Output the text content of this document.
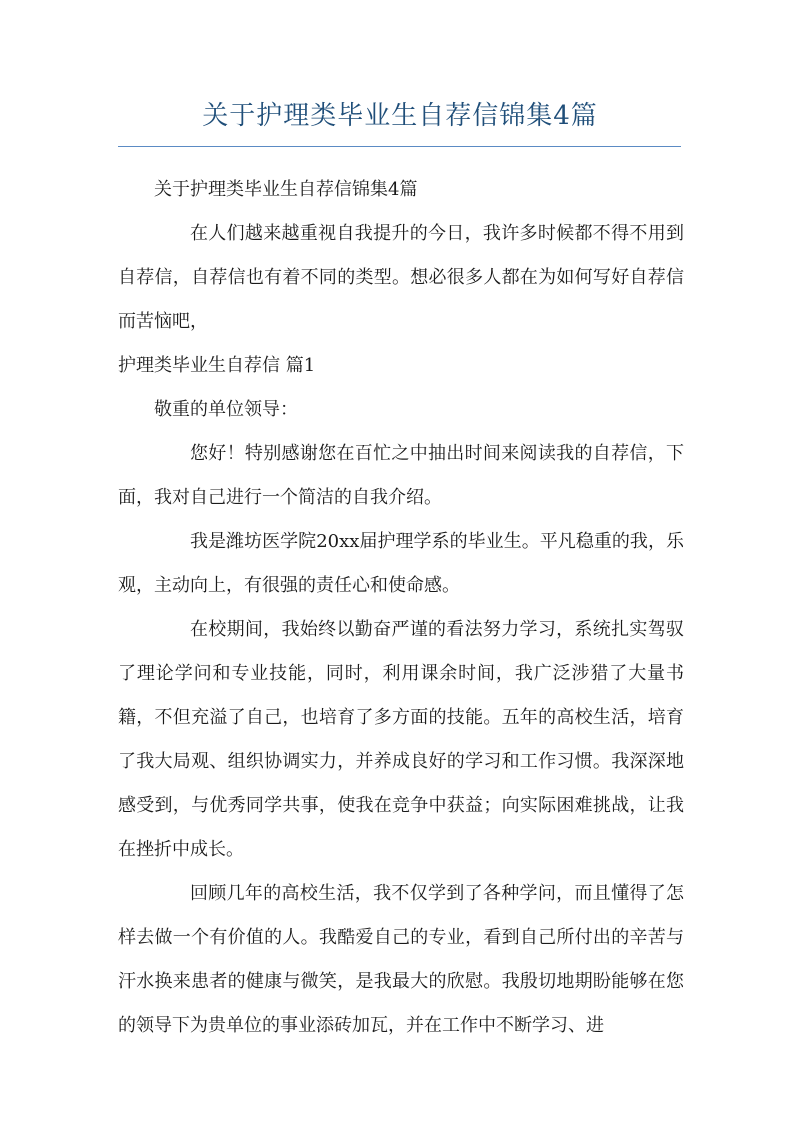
关于护理类毕业生自荐信锦集4篇

关于护理类毕业生自荐信锦集4篇

在人们越来越重视自我提升的今日，我许多时候都不得不用到自荐信，自荐信也有着不同的类型。想必很多人都在为如何写好自荐信而苦恼吧，

护理类毕业生自荐信 篇1

敬重的单位领导：

您好！特别感谢您在百忙之中抽出时间来阅读我的自荐信，下面，我对自己进行一个简洁的自我介绍。

我是潍坊医学院20xx届护理学系的毕业生。平凡稳重的我，乐观，主动向上，有很强的责任心和使命感。

在校期间，我始终以勤奋严谨的看法努力学习，系统扎实驾驭了理论学问和专业技能，同时，利用课余时间，我广泛涉猎了大量书籍，不但充溢了自己，也培育了多方面的技能。五年的高校生活，培育了我大局观、组织协调实力，并养成良好的学习和工作习惯。我深深地感受到，与优秀同学共事，使我在竞争中获益；向实际困难挑战，让我在挫折中成长。

回顾几年的高校生活，我不仅学到了各种学问，而且懂得了怎样去做一个有价值的人。我酷爱自己的专业，看到自己所付出的辛苦与汗水换来患者的健康与微笑，是我最大的欣慰。我殷切地期盼能够在您的领导下为贵单位的事业添砖加瓦，并在工作中不断学习、进
